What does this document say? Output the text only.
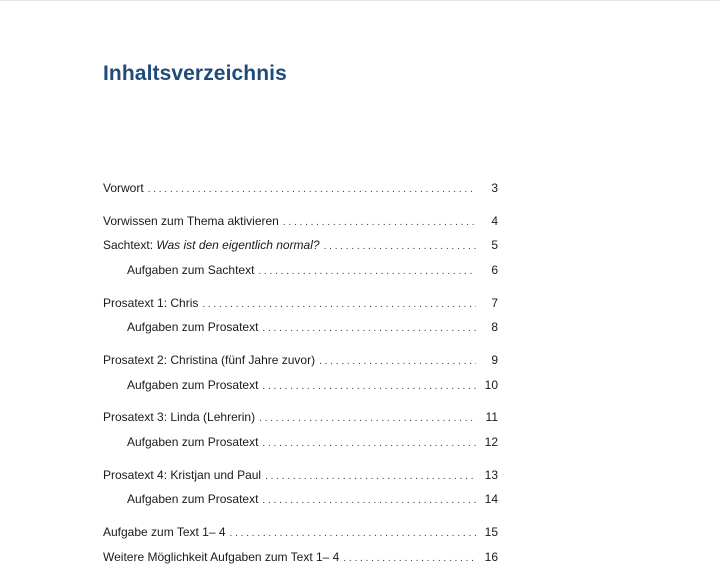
Inhaltsverzeichnis
Vorwort . . .	3
Vorwissen zum Thema aktivieren . . .	4
Sachtext: Was ist den eigentlich normal? . . .	5
Aufgaben zum Sachtext . . .	6
Prosatext 1: Chris . . .	7
Aufgaben zum Prosatext . . .	8
Prosatext 2: Christina (fünf Jahre zuvor) . . .	9
Aufgaben zum Prosatext . . .	10
Prosatext 3: Linda (Lehrerin) . . .	11
Aufgaben zum Prosatext . . .	12
Prosatext 4: Kristjan und Paul . . .	13
Aufgaben zum Prosatext . . .	14
Aufgabe zum Text 1– 4 . . .	15
Weitere Möglichkeit Aufgaben zum Text 1– 4 . . .	16
